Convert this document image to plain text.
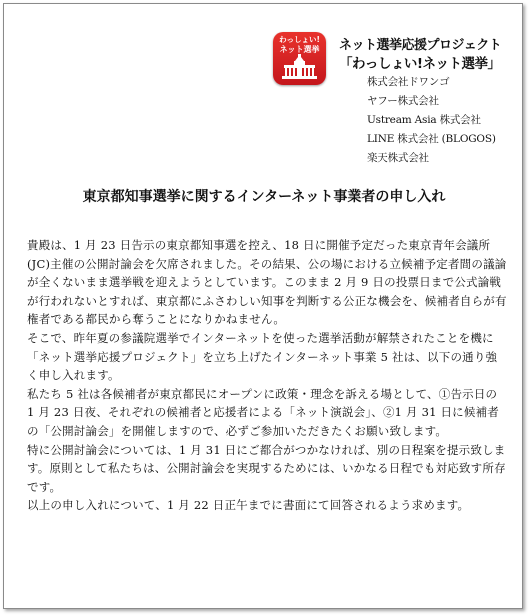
わっしょい!
ネット選挙 ネット選挙応援プロジェクト
「わっしょい!ネット選挙」
株式会社ドワンゴ
ヤフー株式会社
Ustream Asia 株式会社
LINE 株式会社 (BLOGOS)
楽天株式会社
東京都知事選挙に関するインターネット事業者の申し入れ

貴殿は、1 月 23 日告示の東京都知事選を控え、18 日に開催予定だった東京青年会議所(JC)主催の公開討論会を欠席されました。その結果、公の場における立候補予定者間の議論が全くないまま選挙戦を迎えようとしています。このまま 2 月 9 日の投票日まで公式論戦が行われないとすれば、東京都にふさわしい知事を判断する公正な機会を、候補者自らが有権者である都民から奪うことになりかねません。

そこで、昨年夏の参議院選挙でインターネットを使った選挙活動が解禁されたことを機に「ネット選挙応援プロジェクト」を立ち上げたインターネット事業 5 社は、以下の通り強く申し入れます。

私たち 5 社は各候補者が東京都民にオープンに政策・理念を訴える場として、①告示日の 1 月 23 日夜、それぞれの候補者と応援者による「ネット演説会」、②1 月 31 日に候補者の「公開討論会」を開催しますので、必ずご参加いただきたくお願い致します。

特に公開討論会については、1 月 31 日にご都合がつかなければ、別の日程案を提示致します。原則として私たちは、公開討論会を実現するためには、いかなる日程でも対応致す所存です。

以上の申し入れについて、1 月 22 日正午までに書面にて回答されるよう求めます。
